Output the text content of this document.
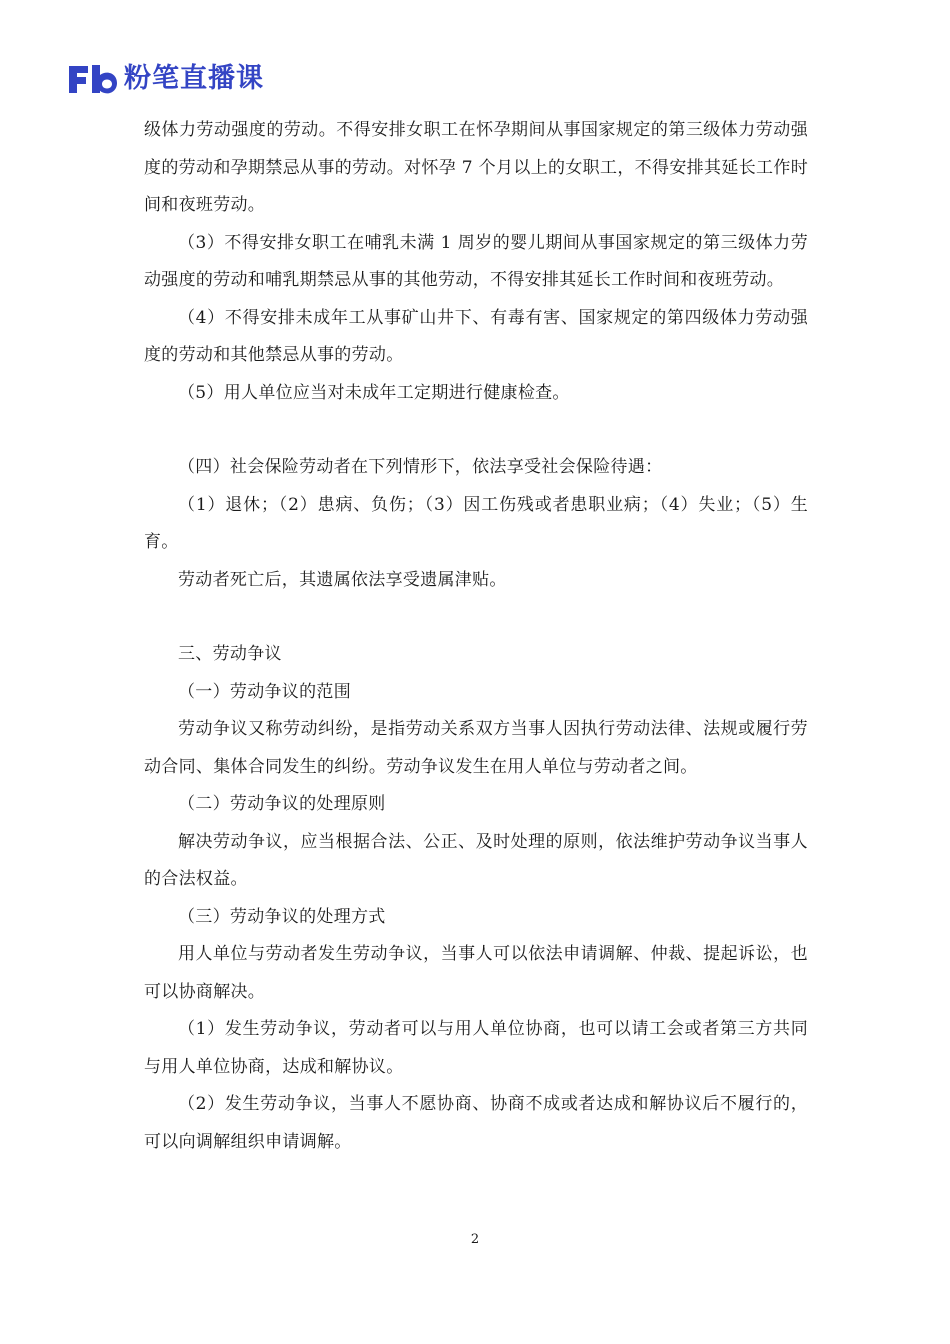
粉笔直播课

级体力劳动强度的劳动。不得安排女职工在怀孕期间从事国家规定的第三级体力劳动强度的劳动和孕期禁忌从事的劳动。对怀孕 7 个月以上的女职工，不得安排其延长工作时间和夜班劳动。

（3）不得安排女职工在哺乳未满 1 周岁的婴儿期间从事国家规定的第三级体力劳动强度的劳动和哺乳期禁忌从事的其他劳动，不得安排其延长工作时间和夜班劳动。

（4）不得安排未成年工从事矿山井下、有毒有害、国家规定的第四级体力劳动强度的劳动和其他禁忌从事的劳动。

（5）用人单位应当对未成年工定期进行健康检查。

（四）社会保险劳动者在下列情形下，依法享受社会保险待遇：

（1）退休；（2）患病、负伤；（3）因工伤残或者患职业病；（4）失业；（5）生育。

劳动者死亡后，其遗属依法享受遗属津贴。

三、劳动争议

（一）劳动争议的范围

劳动争议又称劳动纠纷，是指劳动关系双方当事人因执行劳动法律、法规或履行劳动合同、集体合同发生的纠纷。劳动争议发生在用人单位与劳动者之间。

（二）劳动争议的处理原则

解决劳动争议，应当根据合法、公正、及时处理的原则，依法维护劳动争议当事人的合法权益。

（三）劳动争议的处理方式

用人单位与劳动者发生劳动争议，当事人可以依法申请调解、仲裁、提起诉讼，也可以协商解决。

（1）发生劳动争议，劳动者可以与用人单位协商，也可以请工会或者第三方共同与用人单位协商，达成和解协议。

（2）发生劳动争议，当事人不愿协商、协商不成或者达成和解协议后不履行的，可以向调解组织申请调解。

2
